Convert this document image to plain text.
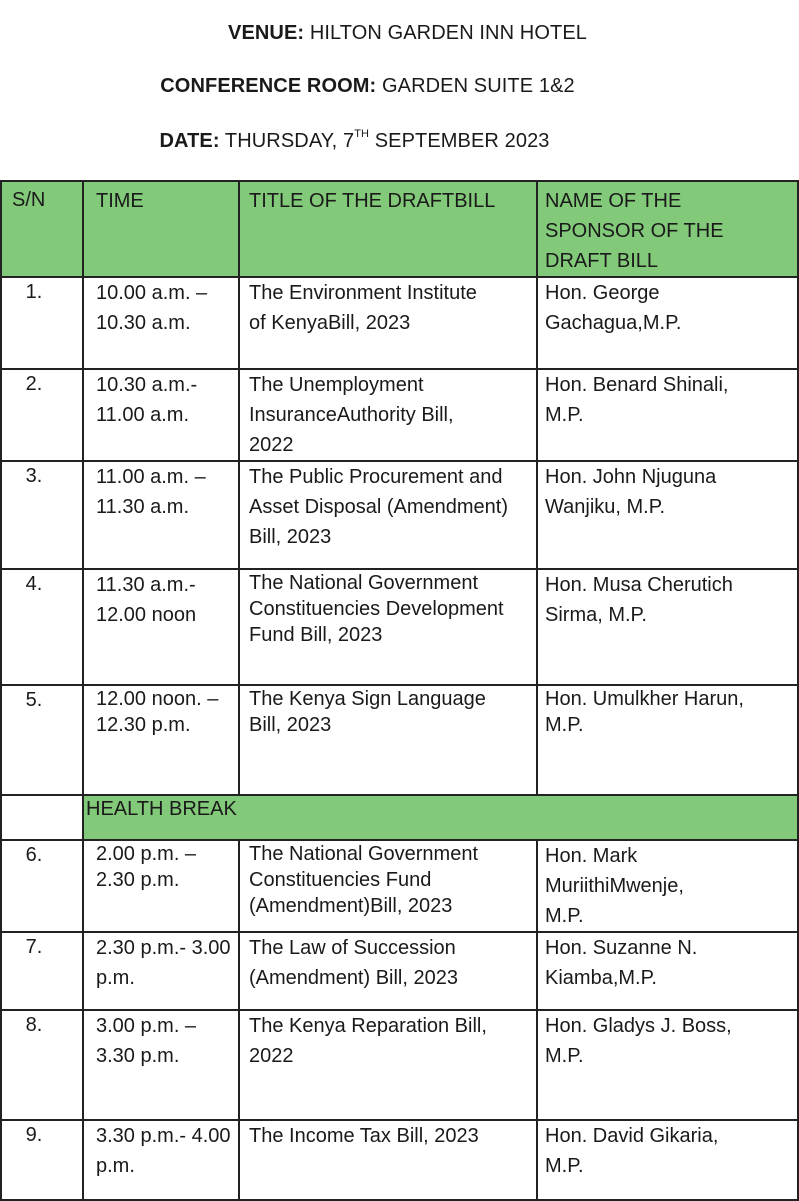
VENUE: HILTON GARDEN INN HOTEL
CONFERENCE ROOM: GARDEN SUITE 1&2
DATE: THURSDAY, 7TH SEPTEMBER 2023
S/N	TIME	TITLE OF THE DRAFTBILL	NAME OF THE SPONSOR OF THE DRAFT BILL

1.	10.00 a.m. – 10.30 a.m.	The Environment Institute of KenyaBill, 2023	Hon. George Gachagua,M.P.

2.	10.30 a.m.- 11.00 a.m.	The Unemployment InsuranceAuthority Bill, 2022	Hon. Benard Shinali, M.P.

3.	11.00 a.m. – 11.30 a.m.	The Public Procurement and Asset Disposal (Amendment) Bill, 2023	Hon. John Njuguna Wanjiku, M.P.

4.	11.30 a.m.- 12.00 noon	The National Government Constituencies Development Fund Bill, 2023	Hon. Musa Cherutich Sirma, M.P.

5.	12.00 noon. – 12.30 p.m.	The Kenya Sign Language Bill, 2023	Hon. Umulkher Harun, M.P.

	HEALTH BREAK		
6.	2.00 p.m. – 2.30 p.m.	The National Government Constituencies Fund (Amendment)Bill, 2023	Hon. Mark MuriithiMwenje, M.P.

7.	2.30 p.m.- 3.00 p.m.	The Law of Succession (Amendment) Bill, 2023	Hon. Suzanne N. Kiamba,M.P.

8.	3.00 p.m. – 3.30 p.m.	The Kenya Reparation Bill, 2022	Hon. Gladys J. Boss, M.P.

9.	3.30 p.m.- 4.00 p.m.	The Income Tax Bill, 2023	Hon. David Gikaria, M.P.
